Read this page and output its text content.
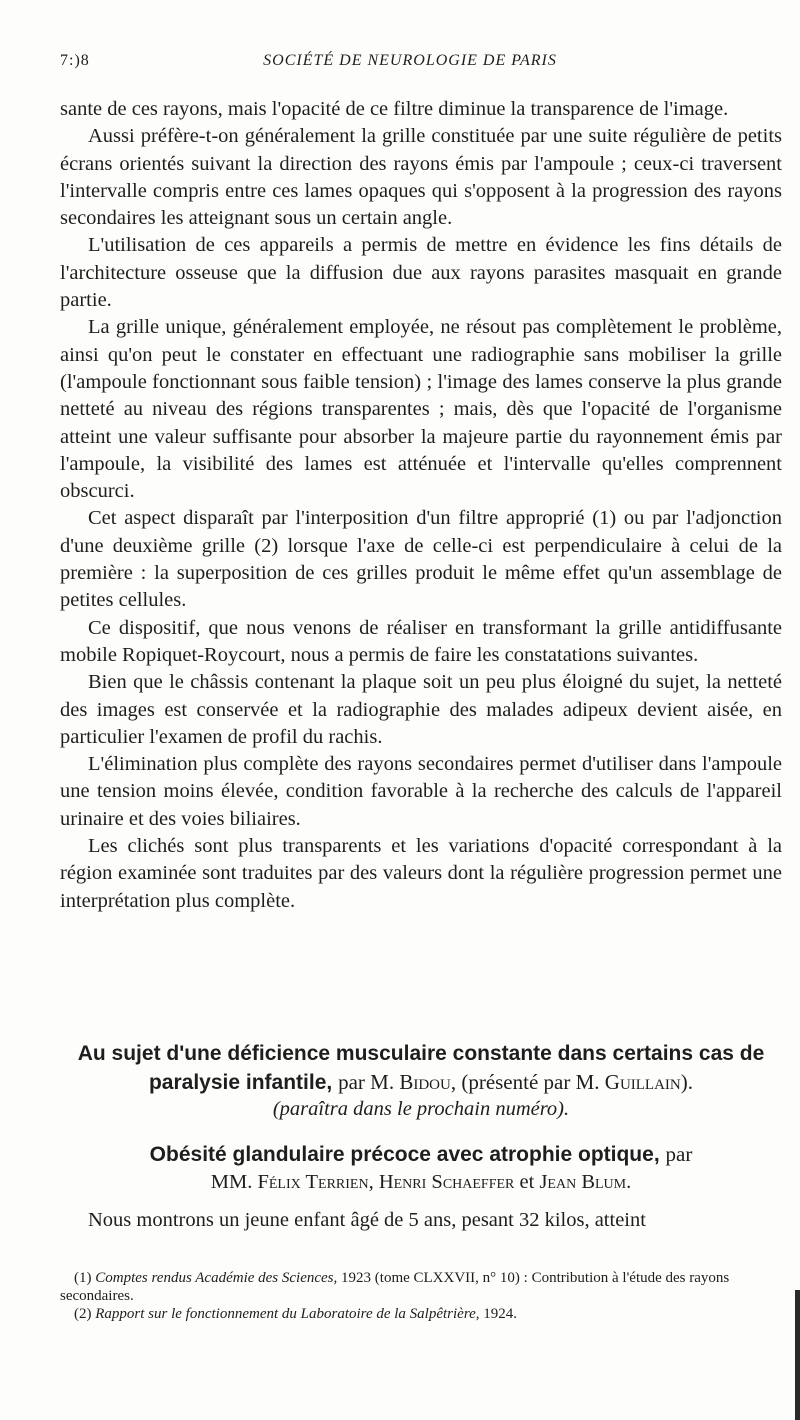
7:)8	SOCIÉTÉ DE NEUROLOGIE DE PARIS

sante de ces rayons, mais l'opacité de ce filtre diminue la transparence de l'image.

Aussi préfère-t-on généralement la grille constituée par une suite régulière de petits écrans orientés suivant la direction des rayons émis par l'ampoule ; ceux-ci traversent l'intervalle compris entre ces lames opaques qui s'opposent à la progression des rayons secondaires les atteignant sous un certain angle.

L'utilisation de ces appareils a permis de mettre en évidence les fins détails de l'architecture osseuse que la diffusion due aux rayons parasites masquait en grande partie.

La grille unique, généralement employée, ne résout pas complètement le problème, ainsi qu'on peut le constater en effectuant une radiographie sans mobiliser la grille (l'ampoule fonctionnant sous faible tension) ; l'image des lames conserve la plus grande netteté au niveau des régions transparentes ; mais, dès que l'opacité de l'organisme atteint une valeur suffisante pour absorber la majeure partie du rayonnement émis par l'ampoule, la visibilité des lames est atténuée et l'intervalle qu'elles comprennent obscurci.

Cet aspect disparaît par l'interposition d'un filtre approprié (1) ou par l'adjonction d'une deuxième grille (2) lorsque l'axe de celle-ci est perpendiculaire à celui de la première : la superposition de ces grilles produit le même effet qu'un assemblage de petites cellules.

Ce dispositif, que nous venons de réaliser en transformant la grille antidiffusante mobile Ropiquet-Roycourt, nous a permis de faire les constatations suivantes.

Bien que le châssis contenant la plaque soit un peu plus éloigné du sujet, la netteté des images est conservée et la radiographie des malades adipeux devient aisée, en particulier l'examen de profil du rachis.

L'élimination plus complète des rayons secondaires permet d'utiliser dans l'ampoule une tension moins élevée, condition favorable à la recherche des calculs de l'appareil urinaire et des voies biliaires.

Les clichés sont plus transparents et les variations d'opacité correspondant à la région examinée sont traduites par des valeurs dont la régulière progression permet une interprétation plus complète.

Au sujet d'une déficience musculaire constante dans certains cas de paralysie infantile, par M. Bidou, (présenté par M. Guillain).
(paraîtra dans le prochain numéro).
Obésité glandulaire précoce avec atrophie optique, par
MM. Félix Terrien, Henri Schaeffer et Jean Blum.
Nous montrons un jeune enfant âgé de 5 ans, pesant 32 kilos, atteint

(1) Comptes rendus Académie des Sciences, 1923 (tome CLXXVII, n° 10) : Contribution à l'étude des rayons secondaires.

(2) Rapport sur le fonctionnement du Laboratoire de la Salpêtrière, 1924.
